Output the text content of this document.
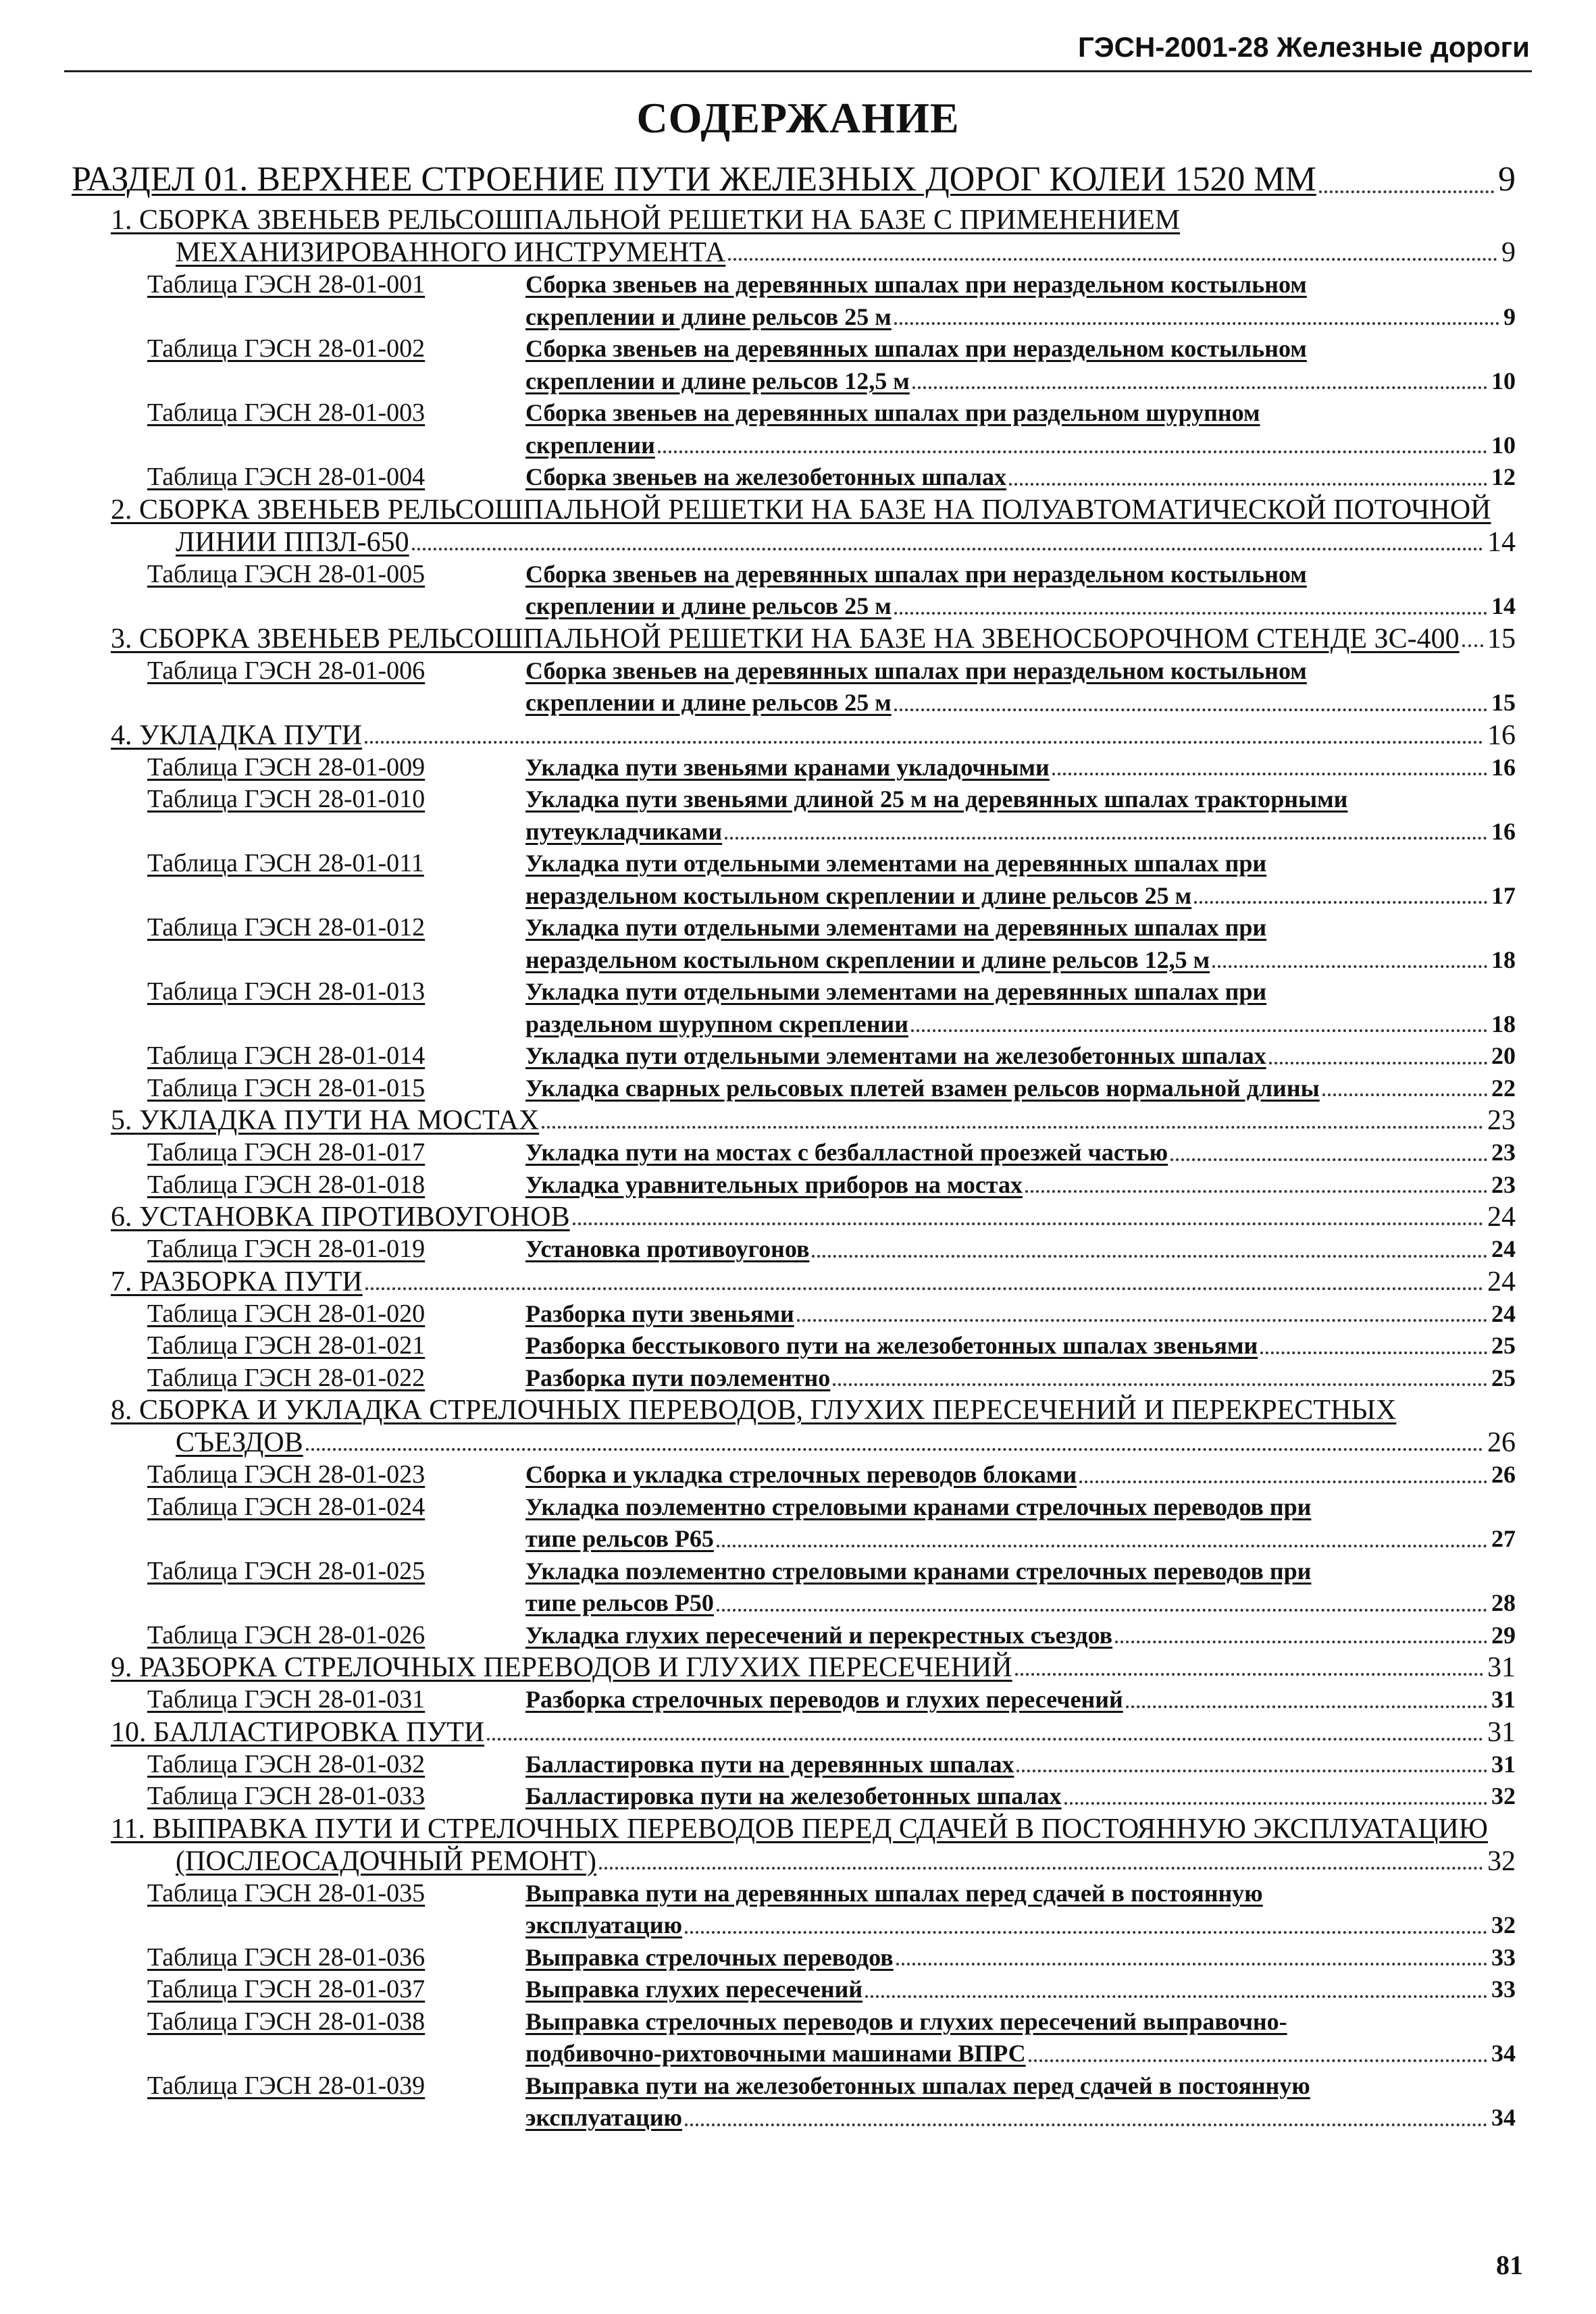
ГЭСН-2001-28 Железные дороги
СОДЕРЖАНИЕ
РАЗДЕЛ 01. ВЕРХНЕЕ СТРОЕНИЕ ПУТИ ЖЕЛЕЗНЫХ ДОРОГ КОЛЕИ 1520 ММ	9
1. СБОРКА ЗВЕНЬЕВ РЕЛЬСОШПАЛЬНОЙ РЕШЕТКИ НА БАЗЕ С ПРИМЕНЕНИЕМ
МЕХАНИЗИРОВАННОГО ИНСТРУМЕНТА	9
Таблица ГЭСН 28-01-001	Сборка звеньев на деревянных шпалах при нераздельном костыльном
скреплении и длине рельсов 25 м	9
Таблица ГЭСН 28-01-002	Сборка звеньев на деревянных шпалах при нераздельном костыльном
скреплении и длине рельсов 12,5 м	10
Таблица ГЭСН 28-01-003	Сборка звеньев на деревянных шпалах при раздельном шурупном
скреплении	10
Таблица ГЭСН 28-01-004	Сборка звеньев на железобетонных шпалах	12
2. СБОРКА ЗВЕНЬЕВ РЕЛЬСОШПАЛЬНОЙ РЕШЕТКИ НА БАЗЕ НА ПОЛУАВТОМАТИЧЕСКОЙ ПОТОЧНОЙ
ЛИНИИ ППЗЛ-650	14
Таблица ГЭСН 28-01-005	Сборка звеньев на деревянных шпалах при нераздельном костыльном
скреплении и длине рельсов 25 м	14
3. СБОРКА ЗВЕНЬЕВ РЕЛЬСОШПАЛЬНОЙ РЕШЕТКИ НА БАЗЕ НА ЗВЕНОСБОРОЧНОМ СТЕНДЕ ЗС-400 15
Таблица ГЭСН 28-01-006	Сборка звеньев на деревянных шпалах при нераздельном костыльном
скреплении и длине рельсов 25 м	15
4. УКЛАДКА ПУТИ	16
Таблица ГЭСН 28-01-009	Укладка пути звеньями кранами укладочными	16
Таблица ГЭСН 28-01-010	Укладка пути звеньями длиной 25 м на деревянных шпалах тракторными
путеукладчиками	16
Таблица ГЭСН 28-01-011	Укладка пути отдельными элементами на деревянных шпалах при
нераздельном костыльном скреплении и длине рельсов 25 м	17
Таблица ГЭСН 28-01-012	Укладка пути отдельными элементами на деревянных шпалах при
нераздельном костыльном скреплении и длине рельсов 12,5 м	18
Таблица ГЭСН 28-01-013	Укладка пути отдельными элементами на деревянных шпалах при
раздельном шурупном скреплении	18
Таблица ГЭСН 28-01-014	Укладка пути отдельными элементами на железобетонных шпалах	20
Таблица ГЭСН 28-01-015	Укладка сварных рельсовых плетей взамен рельсов нормальной длины	22
5. УКЛАДКА ПУТИ НА МОСТАХ	23
Таблица ГЭСН 28-01-017	Укладка пути на мостах с безбалластной проезжей частью	23
Таблица ГЭСН 28-01-018	Укладка уравнительных приборов на мостах	23
6. УСТАНОВКА ПРОТИВОУГОНОВ	24
Таблица ГЭСН 28-01-019	Установка противоугонов	24
7. РАЗБОРКА ПУТИ	24
Таблица ГЭСН 28-01-020	Разборка пути звеньями	24
Таблица ГЭСН 28-01-021	Разборка бесстыкового пути на железобетонных шпалах звеньями	25
Таблица ГЭСН 28-01-022	Разборка пути поэлементно	25
8. СБОРКА И УКЛАДКА СТРЕЛОЧНЫХ ПЕРЕВОДОВ, ГЛУХИХ ПЕРЕСЕЧЕНИЙ И ПЕРЕКРЕСТНЫХ
СЪЕЗДОВ	26
Таблица ГЭСН 28-01-023	Сборка и укладка стрелочных переводов блоками	26
Таблица ГЭСН 28-01-024	Укладка поэлементно стреловыми кранами стрелочных переводов при
типе рельсов Р65	27
Таблица ГЭСН 28-01-025	Укладка поэлементно стреловыми кранами стрелочных переводов при
типе рельсов Р50	28
Таблица ГЭСН 28-01-026	Укладка глухих пересечений и перекрестных съездов	29
9. РАЗБОРКА СТРЕЛОЧНЫХ ПЕРЕВОДОВ И ГЛУХИХ ПЕРЕСЕЧЕНИЙ	31
Таблица ГЭСН 28-01-031	Разборка стрелочных переводов и глухих пересечений	31
10. БАЛЛАСТИРОВКА ПУТИ	31
Таблица ГЭСН 28-01-032	Балластировка пути на деревянных шпалах	31
Таблица ГЭСН 28-01-033	Балластировка пути на железобетонных шпалах	32
11. ВЫПРАВКА ПУТИ И СТРЕЛОЧНЫХ ПЕРЕВОДОВ ПЕРЕД СДАЧЕЙ В ПОСТОЯННУЮ ЭКСПЛУАТАЦИЮ
(ПОСЛЕОСАДОЧНЫЙ РЕМОНТ)	32
Таблица ГЭСН 28-01-035	Выправка пути на деревянных шпалах перед сдачей в постоянную
эксплуатацию	32
Таблица ГЭСН 28-01-036	Выправка стрелочных переводов	33
Таблица ГЭСН 28-01-037	Выправка глухих пересечений	33
Таблица ГЭСН 28-01-038	Выправка стрелочных переводов и глухих пересечений выправочно-
подбивочно-рихтовочными машинами ВПРС	34
Таблица ГЭСН 28-01-039	Выправка пути на железобетонных шпалах перед сдачей в постоянную
эксплуатацию	34
81
